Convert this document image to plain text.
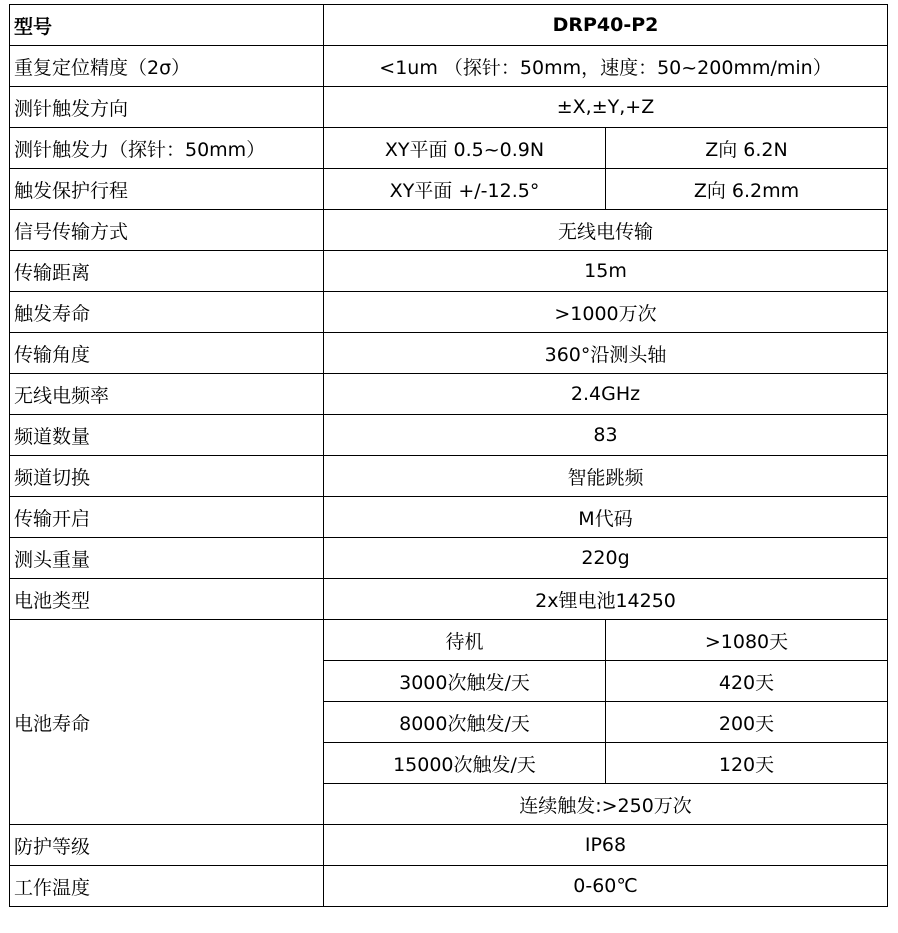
型号	DRP40-P2	
重复定位精度（2σ）	<1um （探针：50mm，速度：50~200mm/min）	
测针触发方向	±X,±Y,+Z	
测针触发力（探针：50mm）	XY平面 0.5~0.9N	Z向 6.2N
触发保护行程	XY平面 +/-12.5°	Z向 6.2mm
信号传输方式	无线电传输	
传输距离	15m	
触发寿命	>1000万次	
传输角度	360°沿测头轴	
无线电频率	2.4GHz	
频道数量	83	
频道切换	智能跳频	
传输开启	M代码	
测头重量	220g	
电池类型	2x锂电池14250	
电池寿命	待机	>1080天
	3000次触发/天	420天
	8000次触发/天	200天
	15000次触发/天	120天
	连续触发:>250万次	
防护等级	IP68	
工作温度	0-60℃	
